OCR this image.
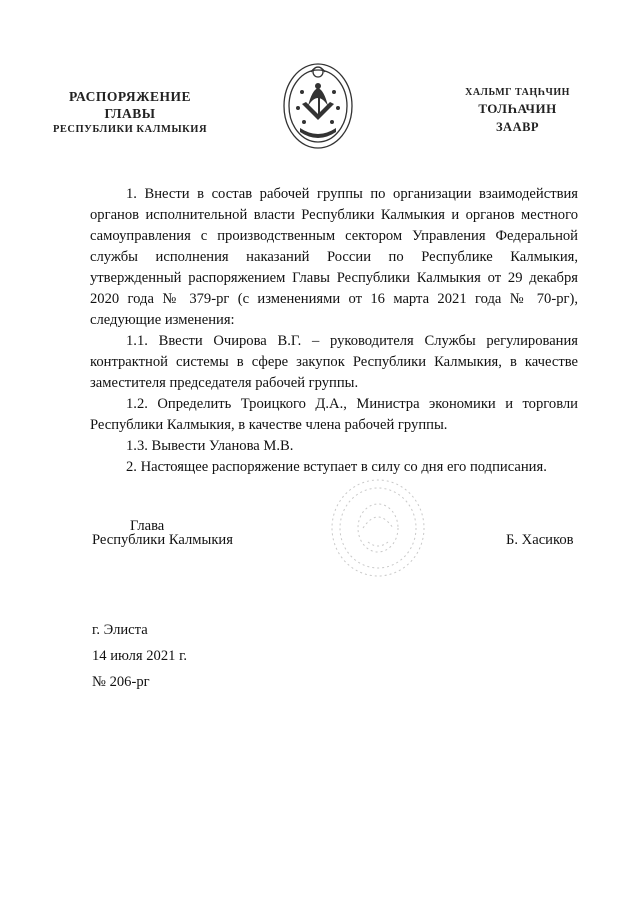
РАСПОРЯЖЕНИЕ
ГЛАВЫ
РЕСПУБЛИКИ КАЛМЫКИЯ
ХАЛЬМГ ТАҢҺЧИН
ТОЛҺАЧИН
ЗААВР

1. Внести в состав рабочей группы по организации взаимодействия органов исполнительной власти Республики Калмыкия и органов местного самоуправления с производственным сектором Управления Федеральной службы исполнения наказаний России по Республике Калмыкия, утвержденный распоряжением Главы Республики Калмыкия от 29 декабря 2020 года № 379-рг (с изменениями от 16 марта 2021 года № 70-рг), следующие изменения:

1.1. Ввести Очирова В.Г. – руководителя Службы регулирования контрактной системы в сфере закупок Республики Калмыкия, в качестве заместителя председателя рабочей группы.

1.2. Определить Троицкого Д.А., Министра экономики и торговли Республики Калмыкия, в качестве члена рабочей группы.

1.3. Вывести Уланова М.В.

2. Настоящее распоряжение вступает в силу со дня его подписания.

Глава
Республики Калмыкия	Б. Хасиков
г. Элиста
14 июля 2021 г.
№ 206-рг
